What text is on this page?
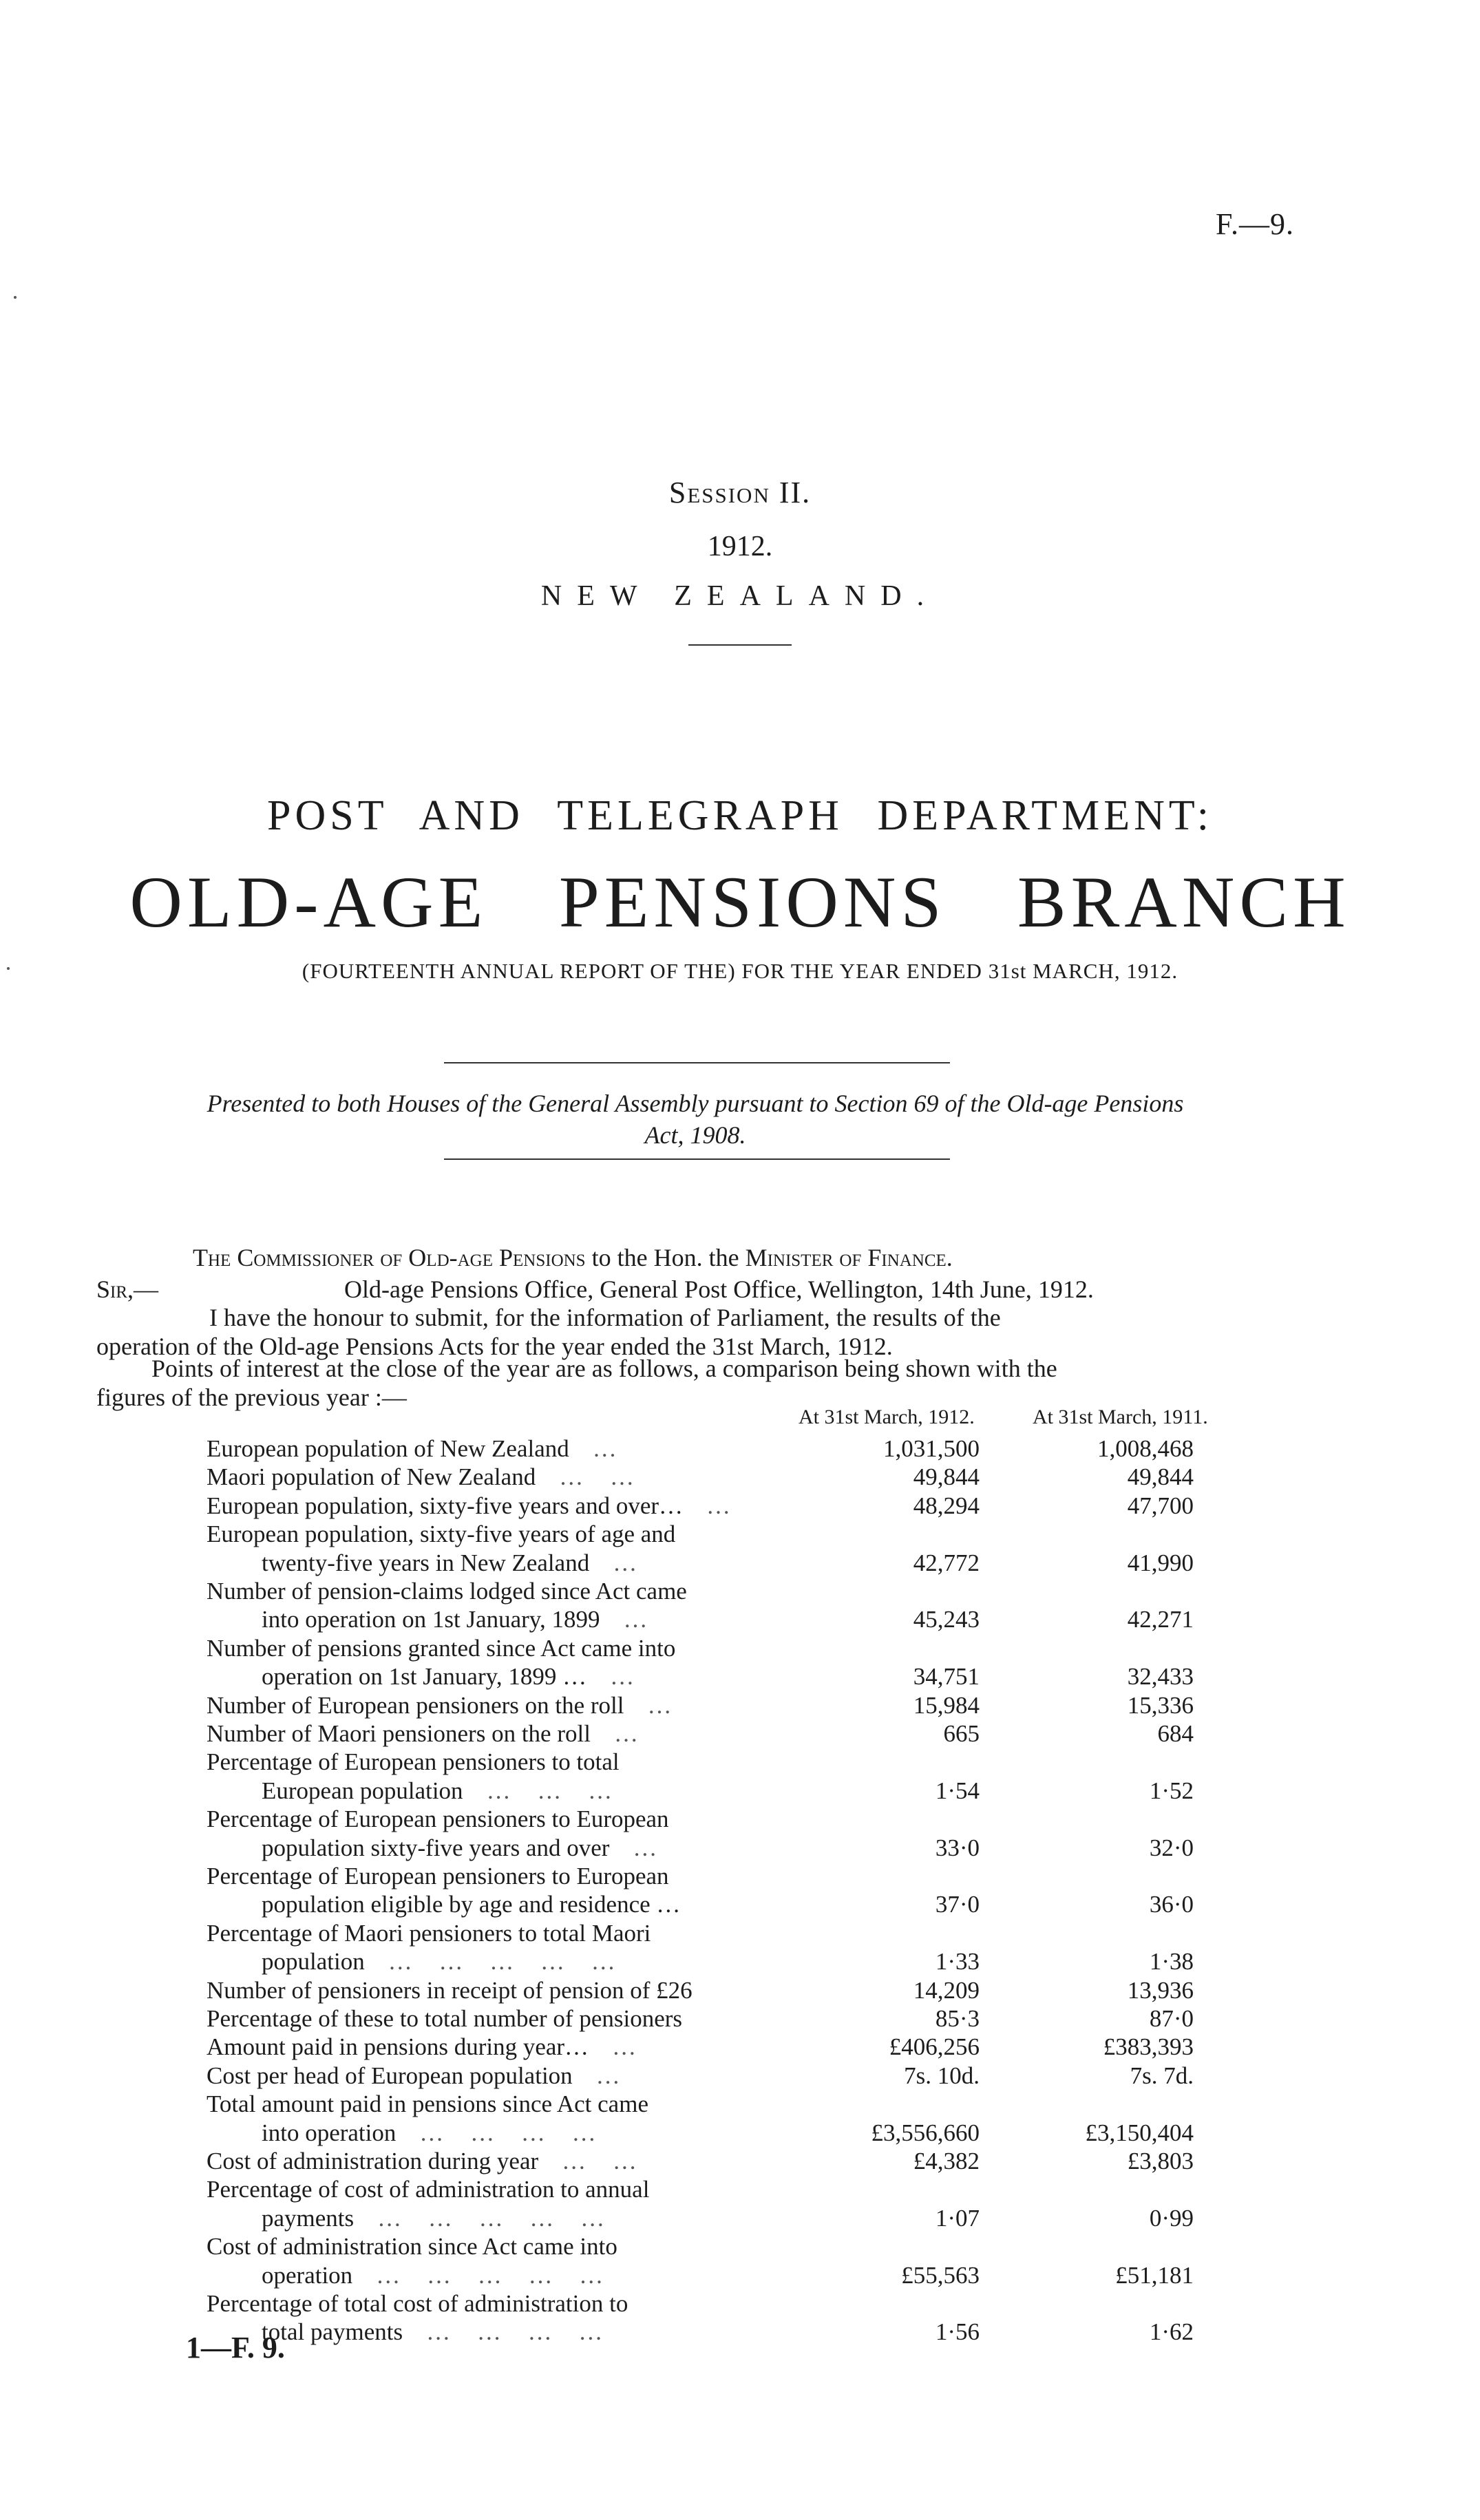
F.—9.
Session II.
1912.
NEW ZEALAND.
POST AND TELEGRAPH DEPARTMENT:
OLD-AGE PENSIONS BRANCH
(FOURTEENTH ANNUAL REPORT OF THE) FOR THE YEAR ENDED 31st MARCH, 1912.
Presented to both Houses of the General Assembly pursuant to Section 69 of the Old-age Pensions
Act, 1908.
The Commissioner of Old-age Pensions to the Hon. the Minister of Finance.
Sir,—	Old-age Pensions Office, General Post Office, Wellington, 14th June, 1912.
I have the honour to submit, for the information of Parliament, the results of the
operation of the Old-age Pensions Acts for the year ended the 31st March, 1912.
Points of interest at the close of the year are as follows, a comparison being shown with the
figures of the previous year :—
At 31st March, 1912.	At 31st March, 1911.
European population of New Zealand …	1,031,500	1,008,468
Maori population of New Zealand … …	49,844	49,844
European population, sixty-five years and over… …	48,294	47,700
European population, sixty-five years of age and
twenty-five years in New Zealand …	42,772	41,990
Number of pension-claims lodged since Act came
into operation on 1st January, 1899 …	45,243	42,271
Number of pensions granted since Act came into
operation on 1st January, 1899 … …	34,751	32,433
Number of European pensioners on the roll …	15,984	15,336
Number of Maori pensioners on the roll …	665	684
Percentage of European pensioners to total
European population … … …	1·54	1·52
Percentage of European pensioners to European
population sixty-five years and over …	33·0	32·0
Percentage of European pensioners to European
population eligible by age and residence …	37·0	36·0
Percentage of Maori pensioners to total Maori
population … … … … …	1·33	1·38
Number of pensioners in receipt of pension of £26	14,209	13,936
Percentage of these to total number of pensioners	85·3	87·0
Amount paid in pensions during year… …	£406,256	£383,393
Cost per head of European population …	7s. 10d.	7s. 7d.
Total amount paid in pensions since Act came
into operation … … … …	£3,556,660	£3,150,404
Cost of administration during year … …	£4,382	£3,803
Percentage of cost of administration to annual
payments … … … … …	1·07	0·99
Cost of administration since Act came into
operation … … … … …	£55,563	£51,181
Percentage of total cost of administration to
total payments … … … …	1·56	1·62
1—F. 9.
